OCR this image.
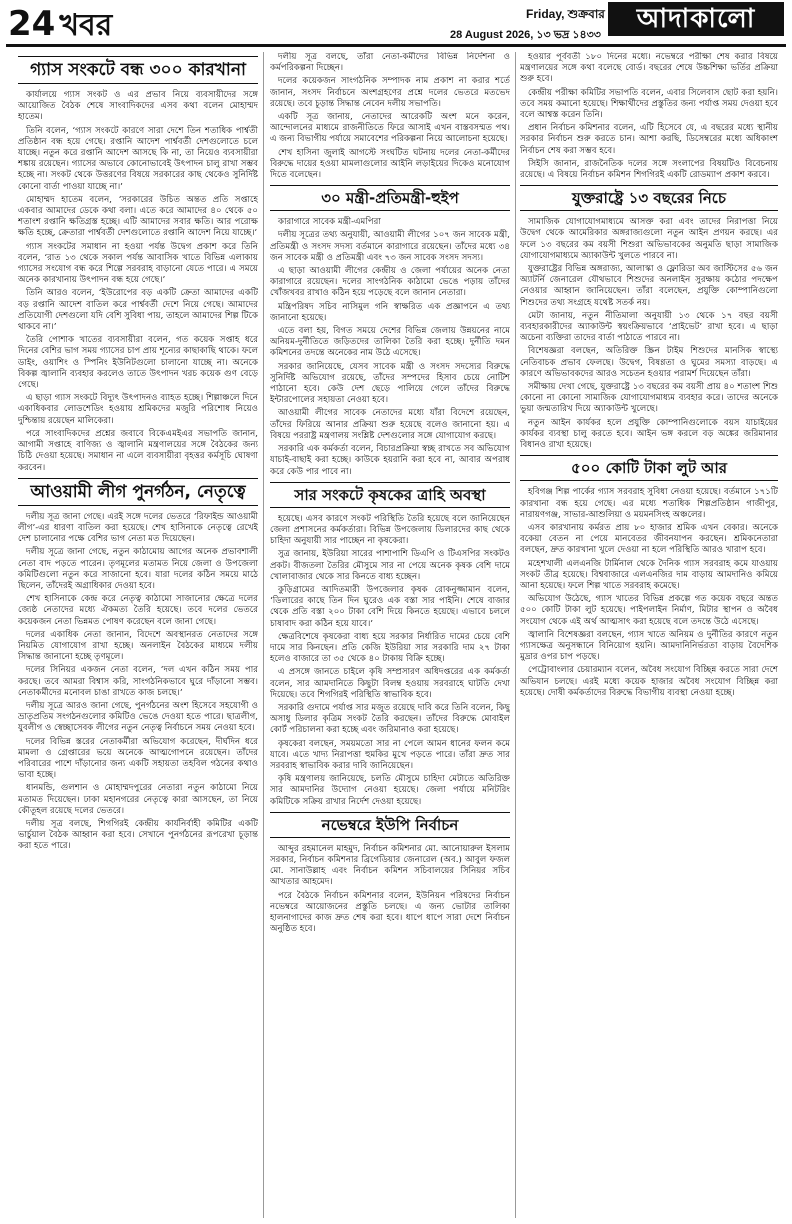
24 খবর	Friday, শুক্রবার
28 August 2026, ১৩ ভদ্র ১৪৩৩
আদাকালো
গ্যাস সংকটে বন্ধ ৩০০ কারখানা

কার্যালয়ে গ্যাস সংকট ও এর প্রভাব নিয়ে ব্যবসায়ীদের সঙ্গে আয়োজিত বৈঠক শেষে সাংবাদিকদের এসব কথা বলেন মোহাম্মদ হাতেম।

তিনি বলেন, ‘গ্যাস সংকটে কারণে সারা দেশে তিন শতাধিক পার্শ্বতী প্রতিষ্ঠান বন্ধ হয়ে গেছে। রপ্তানি আদেশ পার্শ্ববর্তী দেশগুলোতে চলে যাচ্ছে। নতুন করে রপ্তানি আদেশ আসছে কি না, তা নিয়েও ব্যবসায়ীরা শঙ্কায় রয়েছেন। গ্যাসের অভাবে কোনোভাবেই উৎপাদন চালু রাখা সম্ভব হচ্ছে না। সংকট থেকে উত্তরণের বিষয়ে সরকারের কাছ থেকেও সুনির্দিষ্ট কোনো বার্তা পাওয়া যাচ্ছে না।’

মোহাম্মদ হাতেম বলেন, ‘সরকারের উচিত অন্তত প্রতি সপ্তাহে একবার আমাদের ডেকে কথা বলা। এতে করে আমাদের ৪০ থেকে ৫০ শতাংশ রপ্তানি ক্ষতিগ্রস্ত হচ্ছে। এটি আমাদের সবার ক্ষতি। আর পরোক্ষ ক্ষতি হচ্ছে, ক্রেতারা পার্শ্ববর্তী দেশগুলোতে রপ্তানি আদেশ নিয়ে যাচ্ছে।’

গ্যাস সংকটের সমাধান না হওয়া পর্যন্ত উদ্বেগ প্রকাশ করে তিনি বলেন, ‘রাত ১৩ থেকে সকাল পর্যন্ত আবাসিক খাতে বিভিন্ন এলাকায় গ্যাসের সংযোগ বন্ধ করে শিল্পে সরবরাহ বাড়ানো যেতে পারে। এ সময়ে অনেক কারখানায় উৎপাদন বন্ধ হয়ে গেছে।’

তিনি আরও বলেন, ‘ইউরোপের বড় একটি ক্রেতা আমাদের একটি বড় রপ্তানি আদেশ বাতিল করে পার্শ্ববর্তী দেশে নিয়ে গেছে। আমাদের প্রতিযোগী দেশগুলো যদি বেশি সুবিধা পায়, তাহলে আমাদের শিল্প টিকে থাকবে না।’

তৈরি পোশাক খাতের ব্যবসায়ীরা বলেন, গত কয়েক সপ্তাহ ধরে দিনের বেশির ভাগ সময় গ্যাসের চাপ প্রায় শূন্যের কাছাকাছি থাকে। ফলে ডাইং, ওয়াশিং ও স্পিনিং ইউনিটগুলো চালানো যাচ্ছে না। অনেকে বিকল্প জ্বালানি ব্যবহার করলেও তাতে উৎপাদন খরচ কয়েক গুণ বেড়ে গেছে।

এ ছাড়া গ্যাস সংকটে বিদ্যুৎ উৎপাদনও ব্যাহত হচ্ছে। শিল্পাঞ্চলে দিনে একাধিকবার লোডশেডিং হওয়ায় শ্রমিকদের মজুরি পরিশোধ নিয়েও দুশ্চিন্তায় রয়েছেন মালিকেরা।

পরে সাংবাদিকদের প্রশ্নের জবাবে বিকেএমইএর সভাপতি জানান, আগামী সপ্তাহে বাণিজ্য ও জ্বালানি মন্ত্রণালয়ের সঙ্গে বৈঠকের জন্য চিঠি দেওয়া হয়েছে। সমাধান না এলে ব্যবসায়ীরা বৃহত্তর কর্মসূচি ঘোষণা করবেন।

আওয়ামী লীগ পুনর্গঠন, নেতৃত্বে

দলীয় সূত্র জানা গেছে। এরই সঙ্গে দলের ভেতরে ‘রিফাইন্ড আওয়ামী লীগ’-এর ধারণা বাতিল করা হয়েছে। শেখ হাসিনাকে নেতৃত্বে রেখেই দেশ চালানোর পক্ষে বেশির ভাগ নেতা মত দিয়েছেন।

দলীয় সূত্রে জানা গেছে, নতুন কাঠামোয় আগের অনেক প্রভাবশালী নেতা বাদ পড়তে পারেন। তৃণমূলের মতামত নিয়ে জেলা ও উপজেলা কমিটিগুলো নতুন করে সাজানো হবে। যারা দলের কঠিন সময়ে মাঠে ছিলেন, তাঁদেরই অগ্রাধিকার দেওয়া হবে।

শেখ হাসিনাকে কেন্দ্র করে নেতৃত্ব কাঠামো সাজানোর ক্ষেত্রে দলের জ্যেষ্ঠ নেতাদের মধ্যে ঐকমত্য তৈরি হয়েছে। তবে দলের ভেতরে কয়েকজন নেতা ভিন্নমত পোষণ করেছেন বলে জানা গেছে।

দলের একাধিক নেতা জানান, বিদেশে অবস্থানরত নেতাদের সঙ্গে নিয়মিত যোগাযোগ রাখা হচ্ছে। অনলাইন বৈঠকের মাধ্যমে দলীয় সিদ্ধান্ত জানানো হচ্ছে তৃণমূলে।

দলের সিনিয়র একজন নেতা বলেন, ‘দল এখন কঠিন সময় পার করছে। তবে আমরা বিশ্বাস করি, সাংগঠনিকভাবে ঘুরে দাঁড়ানো সম্ভব। নেতাকর্মীদের মনোবল চাঙা রাখতে কাজ চলছে।’

দলীয় সূত্রে আরও জানা গেছে, পুনর্গঠনের অংশ হিসেবে সহযোগী ও ভ্রাতৃপ্রতিম সংগঠনগুলোর কমিটিও ভেঙে দেওয়া হতে পারে। ছাত্রলীগ, যুবলীগ ও স্বেচ্ছাসেবক লীগের নতুন নেতৃত্ব নির্বাচনে সময় নেওয়া হবে।

দলের বিভিন্ন স্তরের নেতাকর্মীরা অভিযোগ করেছেন, দীর্ঘদিন ধরে মামলা ও গ্রেপ্তারের ভয়ে অনেকে আত্মগোপনে রয়েছেন। তাঁদের পরিবারের পাশে দাঁড়ানোর জন্য একটি সহায়তা তহবিল গঠনের কথাও ভাবা হচ্ছে।

ধানমন্ডি, গুলশান ও মোহাম্মদপুরের নেতারা নতুন কাঠামো নিয়ে মতামত দিয়েছেন। ঢাকা মহানগরের নেতৃত্বে কারা আসছেন, তা নিয়ে কৌতূহল রয়েছে দলের ভেতরে।

দলীয় সূত্র বলছে, শিগগিরই কেন্দ্রীয় কার্যনির্বাহী কমিটির একটি ভার্চুয়াল বৈঠক আহ্বান করা হবে। সেখানে পুনর্গঠনের রূপরেখা চূড়ান্ত করা হতে পারে।

দলীয় সূত্র বলছে, তাঁরা নেতা-কর্মীদের বিভিন্ন নির্দেশনা ও কর্মপরিকল্পনা দিচ্ছেন।

দলের কয়েকজন সাংগঠনিক সম্পাদক নাম প্রকাশ না করার শর্তে জানান, সংসদ নির্বাচনে অংশগ্রহণের প্রশ্নে দলের ভেতরে মতভেদ রয়েছে। তবে চূড়ান্ত সিদ্ধান্ত নেবেন দলীয় সভাপতি।

একটি সূত্র জানায়, নেতাদের আরেকটি অংশ মনে করেন, আন্দোলনের মাধ্যমে রাজনীতিতে ফিরে আসাই এখন বাস্তবসম্মত পথ। এ জন্য বিভাগীয় পর্যায়ে সমাবেশের পরিকল্পনা নিয়ে আলোচনা হয়েছে।

শেখ হাসিনা জুলাই আগস্টে সংঘটিত ঘটনায় দলের নেতা-কর্মীদের বিরুদ্ধে দায়ের হওয়া মামলাগুলোর আইনি লড়াইয়ের দিকেও মনোযোগ দিতে বলেছেন।

৩০ মন্ত্রী-প্রতিমন্ত্রী-হুইপ

কারাগারে সাবেক মন্ত্রী-এমপিরা

দলীয় সূত্রের তথ্য অনুযায়ী, আওয়ামী লীগের ১০৭ জন সাবেক মন্ত্রী, প্রতিমন্ত্রী ও সংসদ সদস্য বর্তমানে কারাগারে রয়েছেন। তাঁদের মধ্যে ৩৪ জন সাবেক মন্ত্রী ও প্রতিমন্ত্রী এবং ৭৩ জন সাবেক সংসদ সদস্য।

এ ছাড়া আওয়ামী লীগের কেন্দ্রীয় ও জেলা পর্যায়ের অনেক নেতা কারাগারে রয়েছেন। দলের সাংগঠনিক কাঠামো ভেঙে পড়ায় তাঁদের খোঁজখবর রাখাও কঠিন হয়ে পড়েছে বলে জানান নেতারা।

মন্ত্রিপরিষদ সচিব নাসিমুল গনি স্বাক্ষরিত এক প্রজ্ঞাপনে এ তথ্য জানানো হয়েছে।

এতে বলা হয়, বিগত সময়ে দেশের বিভিন্ন জেলায় উন্নয়নের নামে অনিয়ম-দুর্নীতিতে জড়িতদের তালিকা তৈরি করা হচ্ছে। দুর্নীতি দমন কমিশনের তদন্তে অনেকের নাম উঠে এসেছে।

সরকার জানিয়েছে, যেসব সাবেক মন্ত্রী ও সংসদ সদস্যের বিরুদ্ধে সুনির্দিষ্ট অভিযোগ রয়েছে, তাঁদের সম্পদের হিসাব চেয়ে নোটিশ পাঠানো হবে। কেউ দেশ ছেড়ে পালিয়ে গেলে তাঁদের বিরুদ্ধে ইন্টারপোলের সহায়তা নেওয়া হবে।

আওয়ামী লীগের সাবেক নেতাদের মধ্যে যাঁরা বিদেশে রয়েছেন, তাঁদের ফিরিয়ে আনার প্রক্রিয়া শুরু হয়েছে বলেও জানানো হয়। এ বিষয়ে পররাষ্ট্র মন্ত্রণালয় সংশ্লিষ্ট দেশগুলোর সঙ্গে যোগাযোগ করছে।

সরকারি এক কর্মকর্তা বলেন, বিচারপ্রক্রিয়া স্বচ্ছ রাখতে সব অভিযোগ যাচাই-বাছাই করা হচ্ছে। কাউকে হয়রানি করা হবে না, আবার অপরাধ করে কেউ পার পাবে না।

সার সংকটে কৃষকের ত্রাহি অবস্থা

হয়েছে। এসব কারণে সংকট পরিস্থিতি তৈরি হয়েছে বলে জানিয়েছেন জেলা প্রশাসনের কর্মকর্তারা। বিভিন্ন উপজেলায় ডিলারদের কাছ থেকে চাহিদা অনুযায়ী সার পাচ্ছেন না কৃষকেরা।

সুত্র জানায়, ইউরিয়া সারের পাশাপাশি ডিএপি ও টিএসপির সংকটও প্রকট। বীজতলা তৈরির মৌসুমে সার না পেয়ে অনেক কৃষক বেশি দামে খোলাবাজার থেকে সার কিনতে বাধ্য হচ্ছেন।

কুড়িগ্রামের আদিতমারী উপজেলার কৃষক রোকনুজ্জামান বলেন, ‘ডিলারের কাছে তিন দিন ঘুরেও এক বস্তা সার পাইনি। শেষে বাজার থেকে প্রতি বস্তা ২০০ টাকা বেশি দিয়ে কিনতে হয়েছে। এভাবে চললে চাষাবাদ করা কঠিন হয়ে যাবে।’

ক্ষেত্রবিশেষে কৃষকেরা বাধ্য হয়ে সরকার নির্ধারিত দামের চেয়ে বেশি দামে সার কিনছেন। প্রতি কেজি ইউরিয়া সার সরকারি দাম ২৭ টাকা হলেও বাজারে তা ৩৫ থেকে ৪০ টাকায় বিক্রি হচ্ছে।

এ প্রসঙ্গে জানতে চাইলে কৃষি সম্প্রসারণ অধিদপ্তরের এক কর্মকর্তা বলেন, সার আমদানিতে কিছুটা বিলম্ব হওয়ায় সরবরাহে ঘাটতি দেখা দিয়েছে। তবে শিগগিরই পরিস্থিতি স্বাভাবিক হবে।

সরকারি গুদামে পর্যাপ্ত সার মজুত রয়েছে দাবি করে তিনি বলেন, কিছু অসাধু ডিলার কৃত্রিম সংকট তৈরি করছেন। তাঁদের বিরুদ্ধে মোবাইল কোর্ট পরিচালনা করা হচ্ছে এবং জরিমানাও করা হয়েছে।

কৃষকেরা বলছেন, সময়মতো সার না পেলে আমন ধানের ফলন কমে যাবে। এতে খাদ্য নিরাপত্তা হুমকির মুখে পড়তে পারে। তাঁরা দ্রুত সার সরবরাহ স্বাভাবিক করার দাবি জানিয়েছেন।

কৃষি মন্ত্রণালয় জানিয়েছে, চলতি মৌসুমে চাহিদা মেটাতে অতিরিক্ত সার আমদানির উদ্যোগ নেওয়া হয়েছে। জেলা পর্যায়ে মনিটরিং কমিটিকে সক্রিয় রাখার নির্দেশ দেওয়া হয়েছে।

নভেম্বরে ইউপি নির্বাচন

আব্দুর রহমানেল মাহমুদ, নির্বাচন কমিশনার মো. আনোয়ারুল ইসলাম সরকার, নির্বাচন কমিশনার ব্রিগেডিয়ার জেনারেল (অব.) আবুল ফজল মো. সানাউল্লাহ এবং নির্বাচন কমিশন সচিবালয়ের সিনিয়র সচিব আখতার আহমেদ।

পরে বৈঠকে নির্বাচন কমিশনার বলেন, ইউনিয়ন পরিষদের নির্বাচন নভেম্বরে আয়োজনের প্রস্তুতি চলছে। এ জন্য ভোটার তালিকা হালনাগাদের কাজ দ্রুত শেষ করা হবে। ধাপে ধাপে সারা দেশে নির্বাচন অনুষ্ঠিত হবে।

হওয়ার পূর্ববর্তী ১৮০ দিনের মধ্যে। নভেম্বরে পরীক্ষা শেষ করার বিষয়ে মন্ত্রণালয়ের সঙ্গে কথা বলেছে বোর্ড। বছরের শেষে উচ্চশিক্ষা ভর্তির প্রক্রিয়া শুরু হবে।

কেন্দ্রীয় পরীক্ষা কমিটির সভাপতি বলেন, এবার সিলেবাস ছোট করা হয়নি। তবে সময় কমানো হয়েছে। শিক্ষার্থীদের প্রস্তুতির জন্য পর্যাপ্ত সময় দেওয়া হবে বলে আশ্বস্ত করেন তিনি।

প্রধান নির্বাচন কমিশনার বলেন, এটি হিসেবে যে, এ বছরের মধ্যে স্থানীয় সরকার নির্বাচন শুরু করতে চান। আশা করছি, ডিসেম্বরের মধ্যে অধিকাংশ নির্বাচন শেষ করা সম্ভব হবে।

সিইসি জানান, রাজনৈতিক দলের সঙ্গে সংলাপের বিষয়টিও বিবেচনায় রয়েছে। এ বিষয়ে নির্বাচন কমিশন শিগগিরই একটি রোডম্যাপ প্রকাশ করবে।

যুক্তরাষ্ট্রে ১৩ বছরের নিচে

সামাজিক যোগাযোগমাধ্যমে আসক্ত করা এবং তাদের নিরাপত্তা নিয়ে উদ্বেগ থেকে আমেরিকার অঙ্গরাজ্যগুলো নতুন আইন প্রণয়ন করছে। এর ফলে ১৩ বছরের কম বয়সী শিশুরা অভিভাবকের অনুমতি ছাড়া সামাজিক যোগাযোগমাধ্যমে অ্যাকাউন্ট খুলতে পারবে না।

যুক্তরাষ্ট্রের বিভিন্ন অঙ্গরাজ্য, আলাস্কা ও ফ্লোরিডা অব জাস্টিসের ৫৬ জন অ্যাটর্নি জেনারেল যৌথভাবে শিশুদের অনলাইন সুরক্ষায় কঠোর পদক্ষেপ নেওয়ার আহ্বান জানিয়েছেন। তাঁরা বলেছেন, প্রযুক্তি কোম্পানিগুলো শিশুদের তথ্য সংগ্রহে যথেষ্ট সতর্ক নয়।

মেটা জানায়, নতুন নীতিমালা অনুযায়ী ১৩ থেকে ১৭ বছর বয়সী ব্যবহারকারীদের অ্যাকাউন্ট স্বয়ংক্রিয়ভাবে ‘প্রাইভেট’ রাখা হবে। এ ছাড়া অচেনা ব্যক্তিরা তাদের বার্তা পাঠাতে পারবে না।

বিশেষজ্ঞরা বলছেন, অতিরিক্ত স্ক্রিন টাইম শিশুদের মানসিক স্বাস্থ্যে নেতিবাচক প্রভাব ফেলছে। উদ্বেগ, বিষণ্ণতা ও ঘুমের সমস্যা বাড়ছে। এ কারণে অভিভাবকদের আরও সচেতন হওয়ার পরামর্শ দিয়েছেন তাঁরা।

সমীক্ষায় দেখা গেছে, যুক্তরাষ্ট্রে ১৩ বছরের কম বয়সী প্রায় ৪০ শতাংশ শিশু কোনো না কোনো সামাজিক যোগাযোগমাধ্যম ব্যবহার করে। তাদের অনেকে ভুয়া জন্মতারিখ দিয়ে অ্যাকাউন্ট খুলেছে।

নতুন আইন কার্যকর হলে প্রযুক্তি কোম্পানিগুলোকে বয়স যাচাইয়ের কার্যকর ব্যবস্থা চালু করতে হবে। আইন ভঙ্গ করলে বড় অঙ্কের জরিমানার বিধানও রাখা হয়েছে।

৫০০ কোটি টাকা লুট আর

হবিগঞ্জ শিল্প পার্কের গ্যাস সরবরাহ সুবিধা নেওয়া হয়েছে। বর্তমানে ১৭১টি কারখানা বন্ধ হয়ে গেছে। এর মধ্যে শতাধিক শিল্পপ্রতিষ্ঠান গাজীপুর, নারায়ণগঞ্জ, সাভার-আশুলিয়া ও ময়মনসিংহ অঞ্চলের।

এসব কারখানায় কর্মরত প্রায় ৮০ হাজার শ্রমিক এখন বেকার। অনেকে বকেয়া বেতন না পেয়ে মানবেতর জীবনযাপন করছেন। শ্রমিকনেতারা বলছেন, দ্রুত কারখানা খুলে দেওয়া না হলে পরিস্থিতি আরও খারাপ হবে।

মহেশখালী এলএনজি টার্মিনাল থেকে দৈনিক গ্যাস সরবরাহ কমে যাওয়ায় সংকট তীব্র হয়েছে। বিশ্ববাজারে এলএনজির দাম বাড়ায় আমদানিও কমিয়ে আনা হয়েছে। ফলে শিল্প খাতে সরবরাহ কমেছে।

অভিযোগ উঠেছে, গ্যাস খাতের বিভিন্ন প্রকল্পে গত কয়েক বছরে অন্তত ৫০০ কোটি টাকা লুট হয়েছে। পাইপলাইন নির্মাণ, মিটার স্থাপন ও অবৈধ সংযোগ থেকে এই অর্থ আত্মসাৎ করা হয়েছে বলে তদন্তে উঠে এসেছে।

জ্বালানি বিশেষজ্ঞরা বলছেন, গ্যাস খাতে অনিয়ম ও দুর্নীতির কারণে নতুন গ্যাসক্ষেত্র অনুসন্ধানে বিনিয়োগ হয়নি। আমদানিনির্ভরতা বাড়ায় বৈদেশিক মুদ্রার ওপর চাপ পড়ছে।

পেট্রোবাংলার চেয়ারম্যান বলেন, অবৈধ সংযোগ বিচ্ছিন্ন করতে সারা দেশে অভিযান চলছে। এরই মধ্যে কয়েক হাজার অবৈধ সংযোগ বিচ্ছিন্ন করা হয়েছে। দোষী কর্মকর্তাদের বিরুদ্ধে বিভাগীয় ব্যবস্থা নেওয়া হচ্ছে।
